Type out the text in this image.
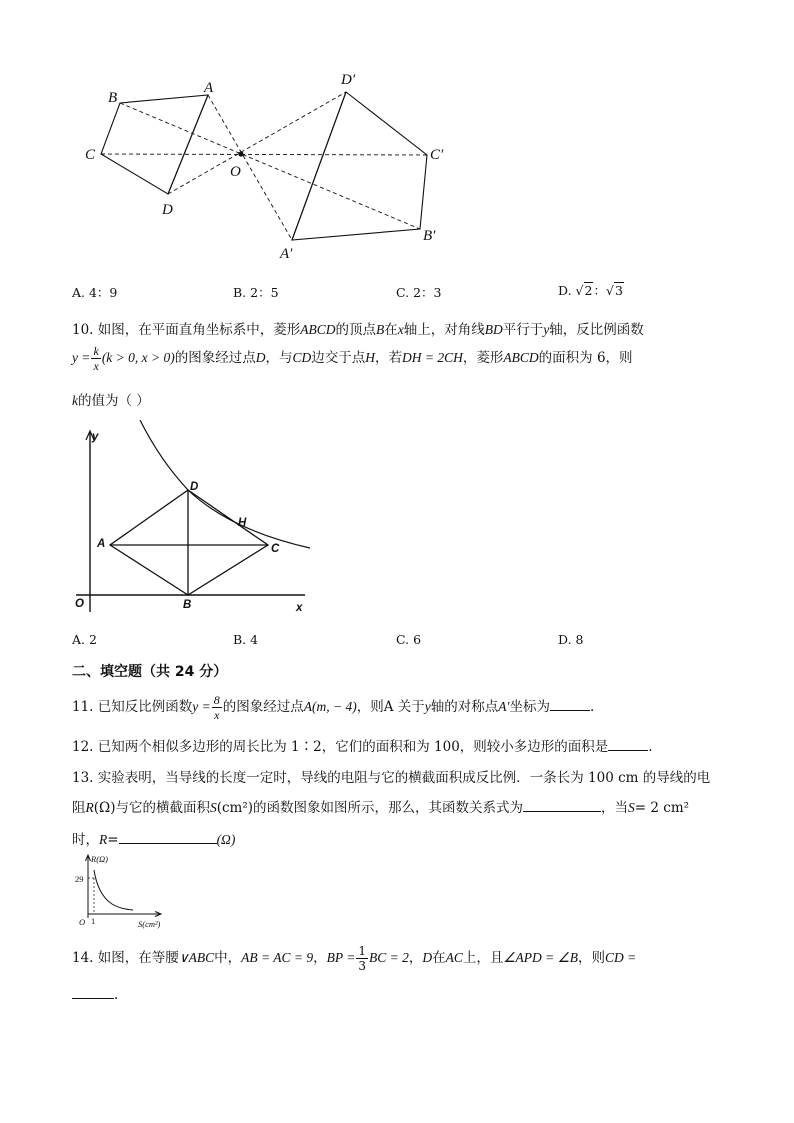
B
A
C
D
O
D′
C′
B′
A′
A. 4：9	B. 2：5	C. 2：3	D. √2：√3
10. 如图，在平面直角坐标系中，菱形ABCD的顶点B在x轴上，对角线BD平行于y轴，反比例函数
$y = \frac{k}{x} (k > 0$, x > 0)的图象经过点D，与CD边交于点H，若DH = 2CH，菱形ABCD的面积为 6，则
k的值为（ ）
y
x
O
D
H
A	C
B
A. 2	B. 4	C. 6	D. 8
二、填空题（共 24 分）
11. 已知反比例函数$y = \frac{8}{x}$ 的图象经过点A(m, − 4)，则A 关于y轴的对称点A′坐标为	.
12. 已知两个相似多边形的周长比为 1∶2，它们的面积和为 100，则较小多边形的面积是	.
13. 实验表明，当导线的长度一定时，导线的电阻与它的横截面积成反比例．一条长为 100 cm 的导线的电
阻R(Ω)与它的横截面积S(cm²)的函数图象如图所示，那么，其函数关系式为	，当S= 2 cm²
时，R=	(Ω)
R(Ω)
29
1
O	S(cm²)
14. 如图，在等腰∨ABC中，AB = AC = 9，BP = $\frac{1}{3}$ BC = 2，D在AC上，且∠APD = ∠B，则CD =
.
